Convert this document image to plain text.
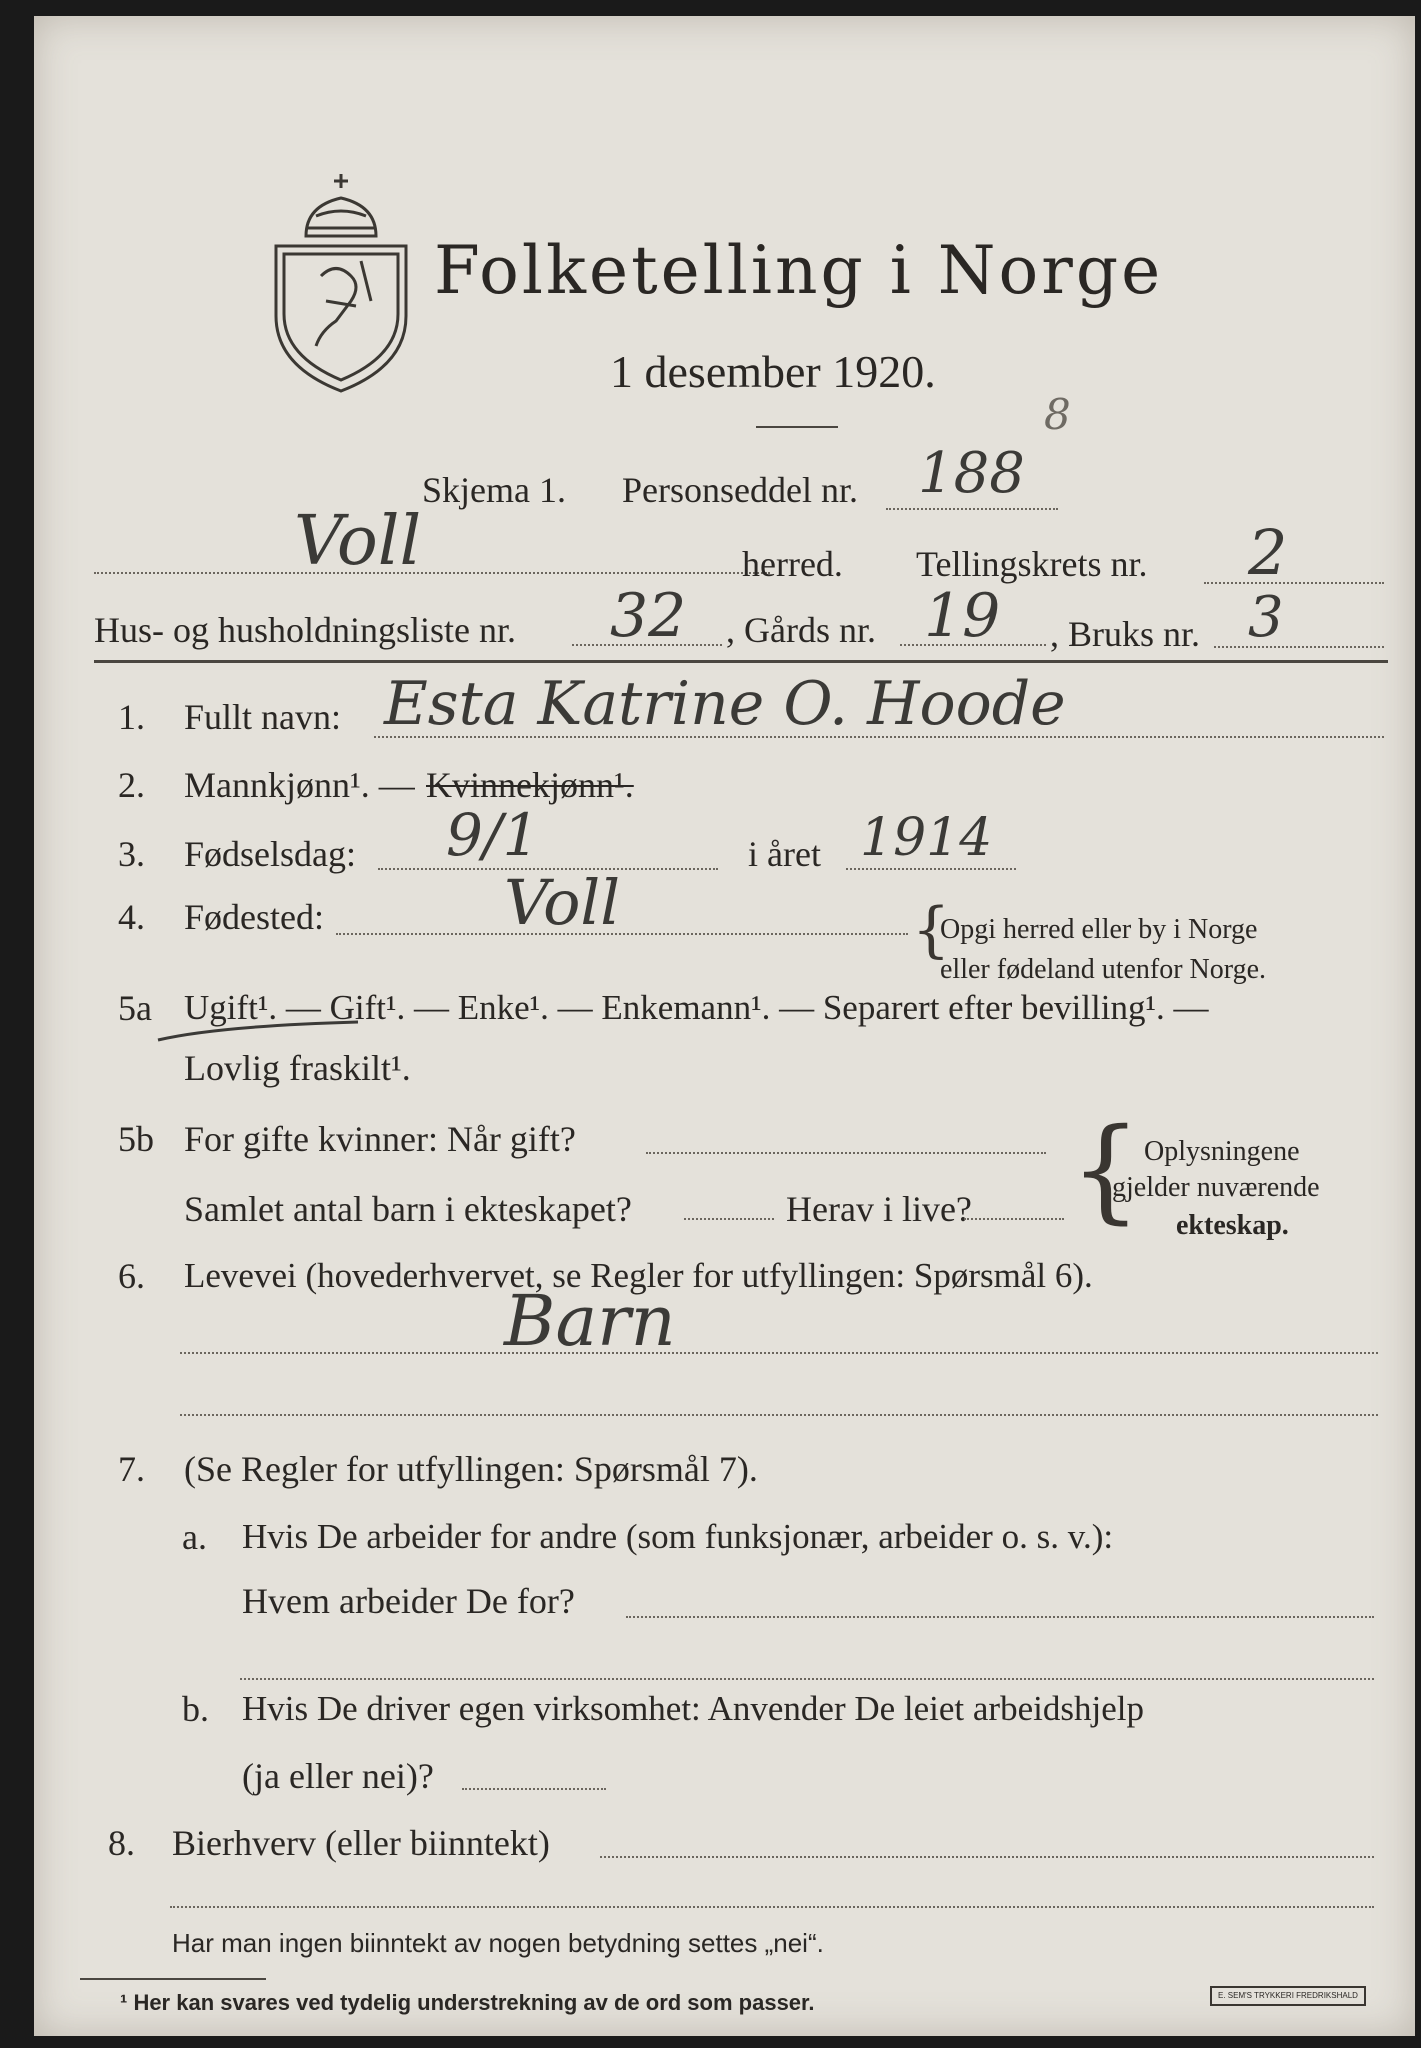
Folketelling i Norge
1 desember 1920.
8
Skjema 1. Personseddel nr. 188
Voll	herred. Tellingskrets nr. 2
Hus- og husholdningsliste nr. 32 , Gårds nr. 19 , Bruks nr. 3
1. Fullt navn: Esta Katrine O. Hoode
2. Mannkjønn¹. — Kvinnekjønn¹.
3. Fødselsdag: 9/1	i året 1914
4. Fødested:	Voll	{
Opgi herred eller by i Norge
eller fødeland utenfor Norge.
5a Ugift¹. — Gift¹. — Enke¹. — Enkemann¹. — Separert efter bevilling¹. —
Lovlig fraskilt¹.
5b For gifte kvinner: Når gift?
Samlet antal barn i ekteskapet?	Herav i live? { Oplysningene
gjelder nuværende
ekteskap.
6. Levevei (hovederhvervet, se Regler for utfyllingen: Spørsmål 6).
Barn
7. (Se Regler for utfyllingen: Spørsmål 7).
a. Hvis De arbeider for andre (som funksjonær, arbeider o. s. v.):
Hvem arbeider De for?
b. Hvis De driver egen virksomhet: Anvender De leiet arbeidshjelp
(ja eller nei)?
8. Bierhverv (eller biinntekt)
Har man ingen biinntekt av nogen betydning settes „nei“.
¹ Her kan svares ved tydelig understrekning av de ord som passer.	E. SEM'S TRYKKERI FREDRIKSHALD
